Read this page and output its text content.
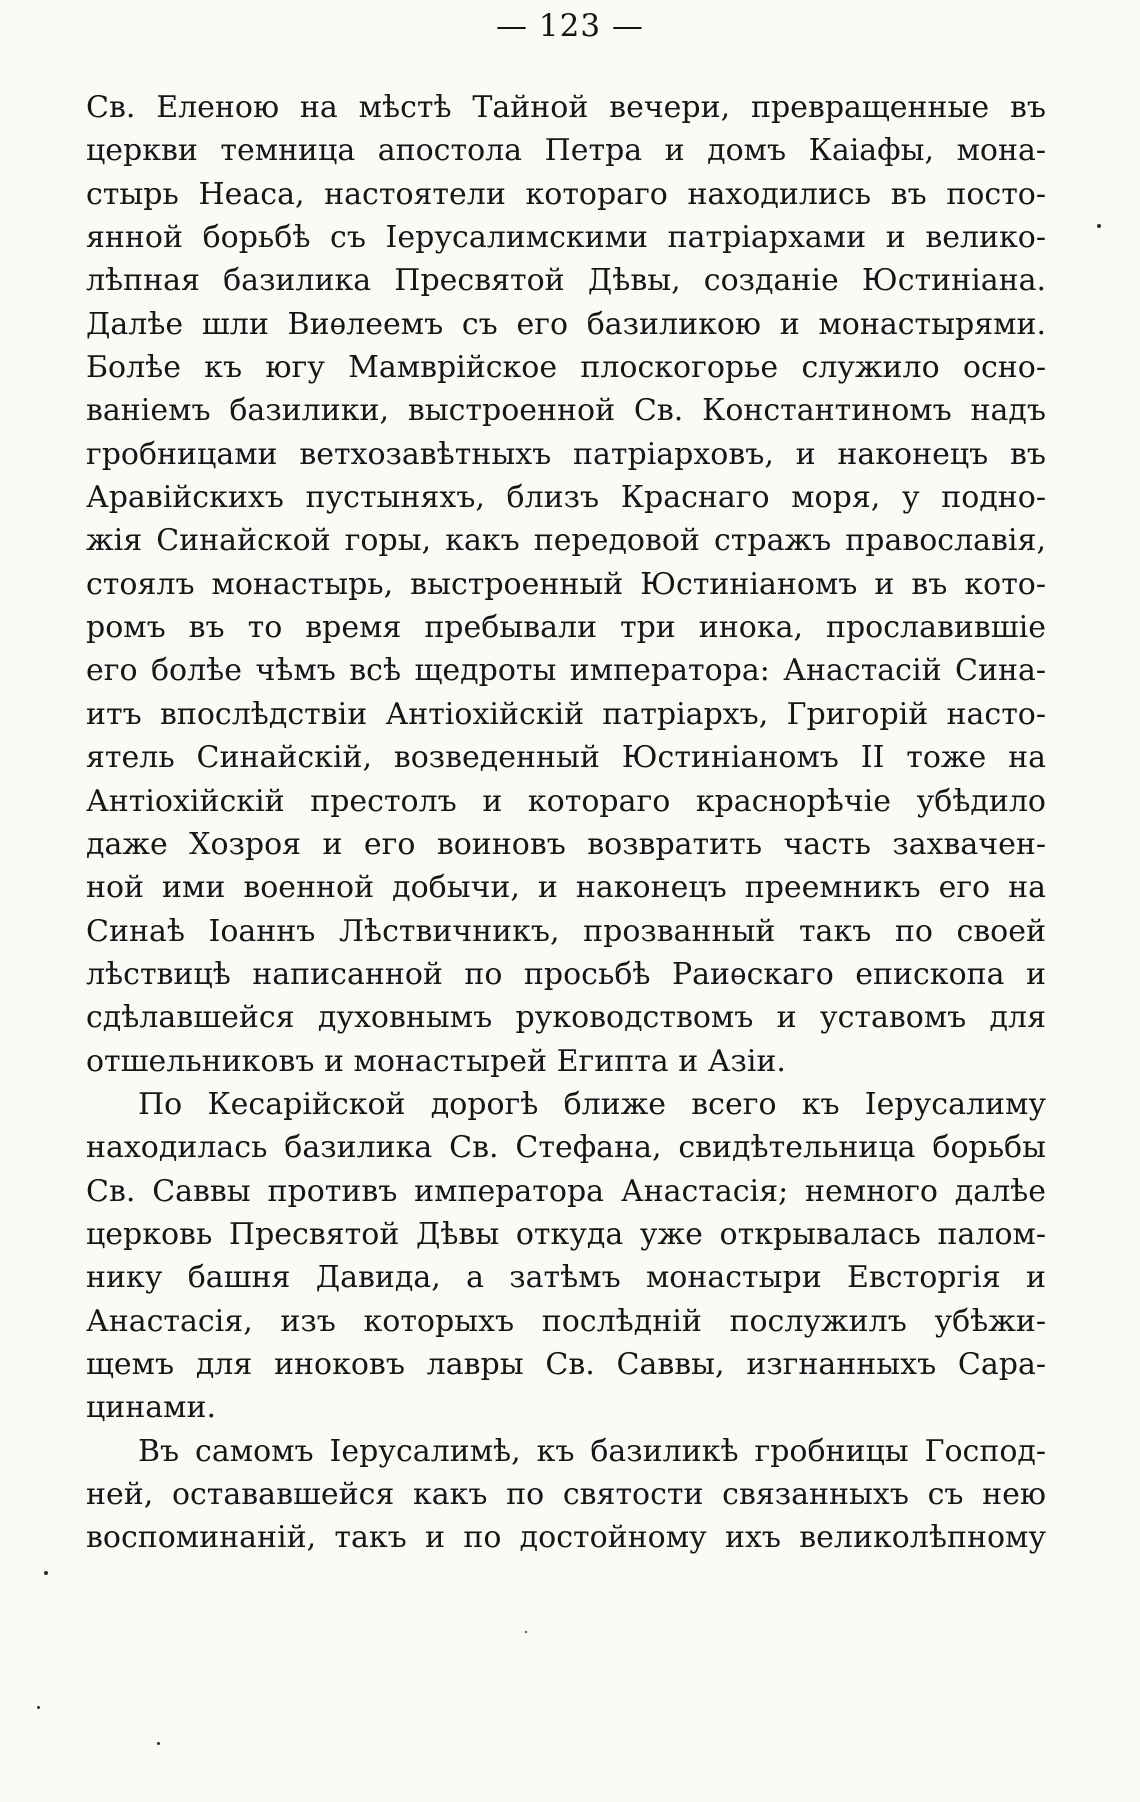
— 123 —
Св. Еленою на мѣстѣ Тайной вечери, превращенные въ
церкви темница апостола Петра и домъ Каіафы, мона-
стырь Неаса, настоятели котораго находились въ посто-
янной борьбѣ съ Іерусалимскими патріархами и велико-
лѣпная базилика Пресвятой Дѣвы, созданіе Юстиніана.
Далѣе шли Виѳлеемъ съ его базиликою и монастырями.
Болѣе къ югу Мамврійское плоскогорье служило осно-
ваніемъ базилики, выстроенной Св. Константиномъ надъ
гробницами ветхозавѣтныхъ патріарховъ, и наконецъ въ
Аравійскихъ пустыняхъ, близъ Краснаго моря, у подно-
жія Синайской горы, какъ передовой стражъ православія,
стоялъ монастырь, выстроенный Юстиніаномъ и въ кото-
ромъ въ то время пребывали три инока, прославившіе
его болѣе чѣмъ всѣ щедроты императора: Анастасій Сина-
итъ впослѣдствіи Антіохійскій патріархъ, Григорій насто-
ятель Синайскій, возведенный Юстиніаномъ II тоже на
Антіохійскій престолъ и котораго краснорѣчіе убѣдило
даже Хозроя и его воиновъ возвратить часть захвачен-
ной ими военной добычи, и наконецъ преемникъ его на
Синаѣ Іоаннъ Лѣствичникъ, прозванный такъ по своей
лѣствицѣ написанной по просьбѣ Раиѳскаго епископа и
сдѣлавшейся духовнымъ руководствомъ и уставомъ для
отшельниковъ и монастырей Египта и Азіи.
По Кесарійской дорогѣ ближе всего къ Іерусалиму
находилась базилика Св. Стефана, свидѣтельница борьбы
Св. Саввы противъ императора Анастасія; немного далѣе
церковь Пресвятой Дѣвы откуда уже открывалась палом-
нику башня Давида, а затѣмъ монастыри Евсторгія и
Анастасія, изъ которыхъ послѣдній послужилъ убѣжи-
щемъ для иноковъ лавры Св. Саввы, изгнанныхъ Сара-
цинами.
Въ самомъ Іерусалимѣ, къ базиликѣ гробницы Господ-
ней, остававшейся какъ по святости связанныхъ съ нею
воспоминаній, такъ и по достойному ихъ великолѣпному
